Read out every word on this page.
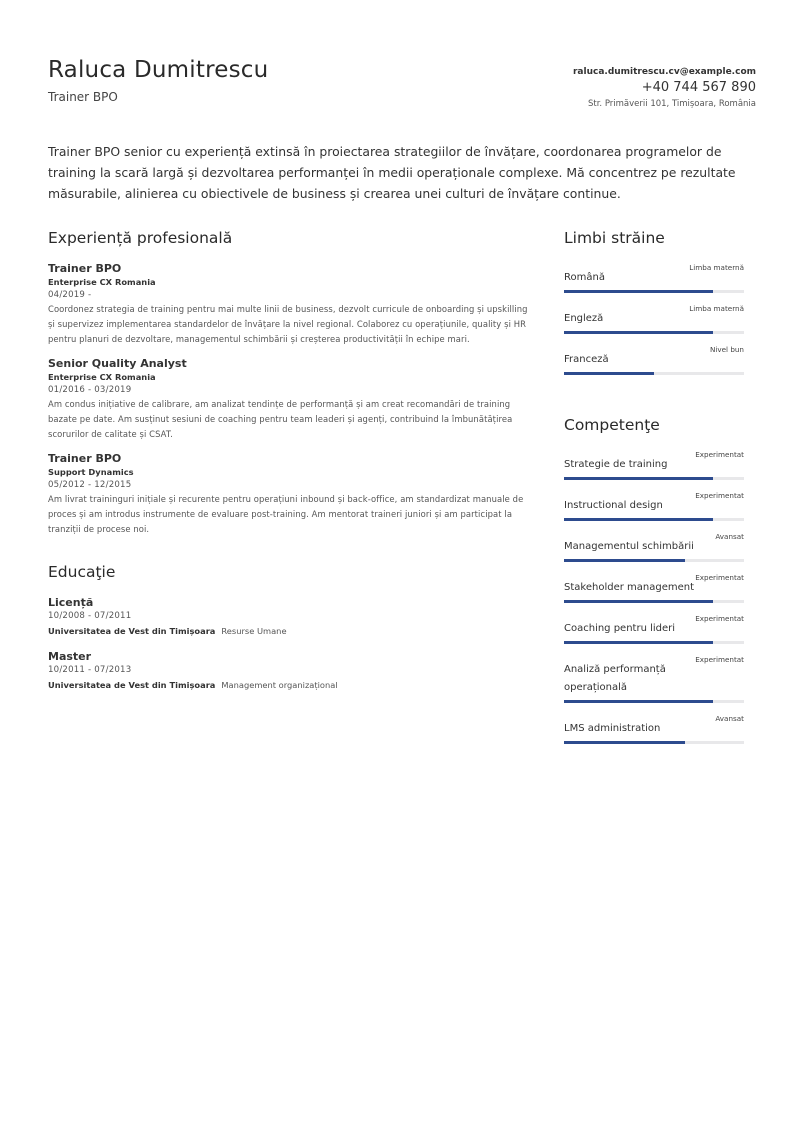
Raluca Dumitrescu
Trainer BPO
raluca.dumitrescu.cv@example.com
+40 744 567 890
Str. Primăverii 101, Timișoara, România
Trainer BPO senior cu experiență extinsă în proiectarea strategiilor de învățare, coordonarea programelor de training la scară largă și dezvoltarea performanței în medii operaționale complexe. Mă concentrez pe rezultate măsurabile, alinierea cu obiectivele de business și crearea unei culturi de învățare continue.
Experiență profesională
Trainer BPO
Enterprise CX Romania
04/2019 -
Coordonez strategia de training pentru mai multe linii de business, dezvolt curricule de onboarding și upskilling și supervizez implementarea standardelor de învățare la nivel regional. Colaborez cu operațiunile, quality și HR pentru planuri de dezvoltare, managementul schimbării și creșterea productivității în echipe mari.
Senior Quality Analyst
Enterprise CX Romania
01/2016 - 03/2019
Am condus inițiative de calibrare, am analizat tendințe de performanță și am creat recomandări de training bazate pe date. Am susținut sesiuni de coaching pentru team leaderi și agenți, contribuind la îmbunătățirea scorurilor de calitate și CSAT.
Trainer BPO
Support Dynamics
05/2012 - 12/2015
Am livrat traininguri inițiale și recurente pentru operațiuni inbound și back-office, am standardizat manuale de proces și am introdus instrumente de evaluare post-training. Am mentorat traineri juniori și am participat la tranziții de procese noi.
Educaţie
Licență
10/2008 - 07/2011
Universitatea de Vest din Timișoara Resurse Umane
Master
10/2011 - 07/2013
Universitatea de Vest din Timișoara Management organizațional
Limbi străine
Română
Limba maternă
Engleză
Limba maternă
Franceză
Nivel bun
Competenţe
Strategie de training
Experimentat
Instructional design
Experimentat
Managementul schimbării
Avansat
Stakeholder management
Experimentat
Coaching pentru lideri
Experimentat
Analiză performanță operațională
Experimentat
LMS administration
Avansat
